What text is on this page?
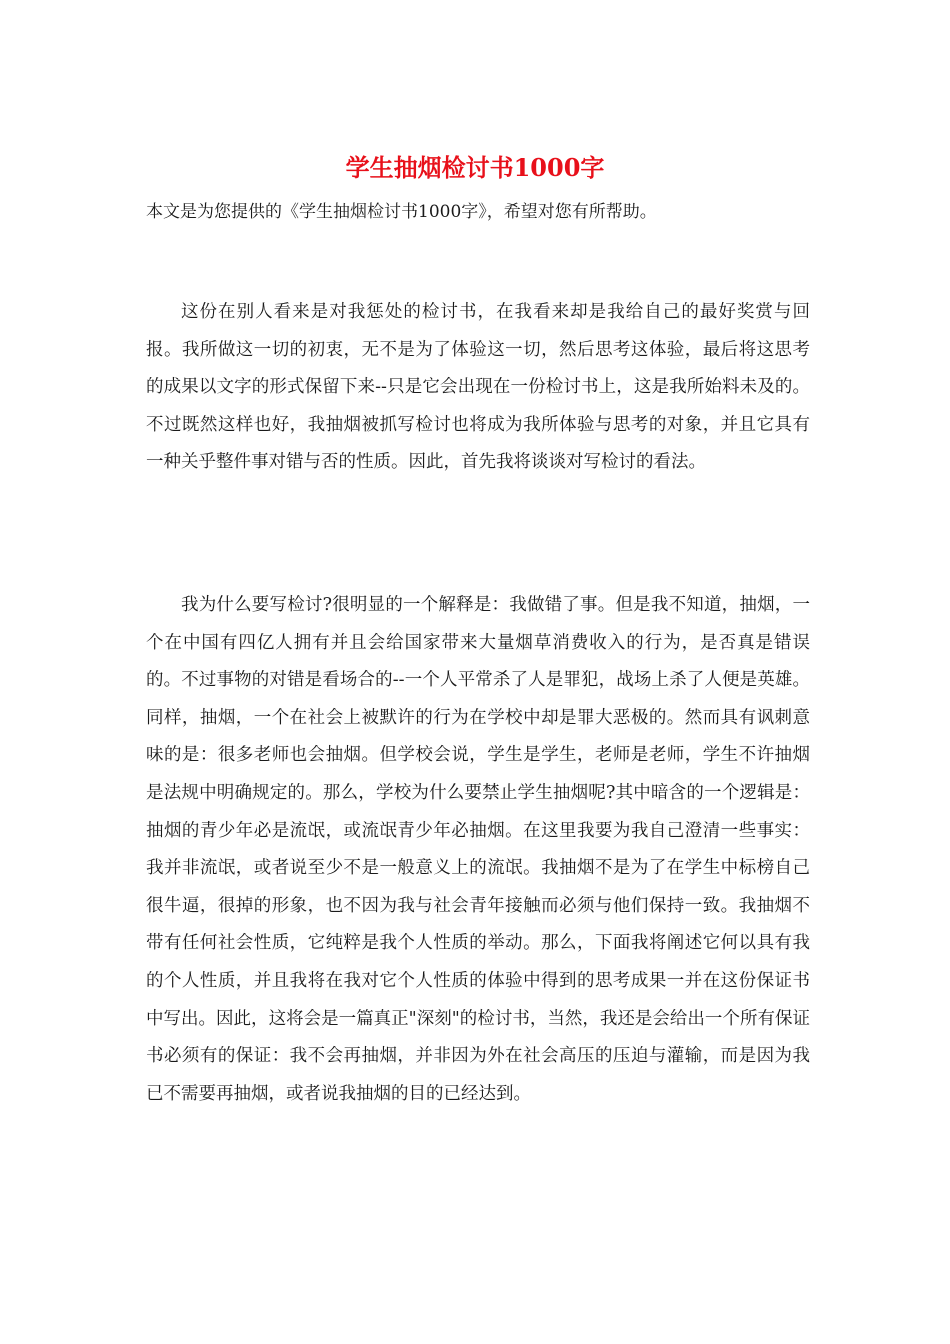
学生抽烟检讨书1000字

本文是为您提供的《学生抽烟检讨书1000字》，希望对您有所帮助。

这份在别人看来是对我惩处的检讨书，在我看来却是我给自己的最好奖赏与回报。我所做这一切的初衷，无不是为了体验这一切，然后思考这体验，最后将这思考的成果以文字的形式保留下来--只是它会出现在一份检讨书上，这是我所始料未及的。不过既然这样也好，我抽烟被抓写检讨也将成为我所体验与思考的对象，并且它具有一种关乎整件事对错与否的性质。因此，首先我将谈谈对写检讨的看法。

我为什么要写检讨?很明显的一个解释是：我做错了事。但是我不知道，抽烟，一个在中国有四亿人拥有并且会给国家带来大量烟草消费收入的行为，是否真是错误的。不过事物的对错是看场合的--一个人平常杀了人是罪犯，战场上杀了人便是英雄。同样，抽烟，一个在社会上被默许的行为在学校中却是罪大恶极的。然而具有讽刺意味的是：很多老师也会抽烟。但学校会说，学生是学生，老师是老师，学生不许抽烟是法规中明确规定的。那么，学校为什么要禁止学生抽烟呢?其中暗含的一个逻辑是：抽烟的青少年必是流氓，或流氓青少年必抽烟。在这里我要为我自己澄清一些事实：我并非流氓，或者说至少不是一般意义上的流氓。我抽烟不是为了在学生中标榜自己很牛逼，很掉的形象，也不因为我与社会青年接触而必须与他们保持一致。我抽烟不带有任何社会性质，它纯粹是我个人性质的举动。那么，下面我将阐述它何以具有我的个人性质，并且我将在我对它个人性质的体验中得到的思考成果一并在这份保证书中写出。因此，这将会是一篇真正"深刻"的检讨书，当然，我还是会给出一个所有保证书必须有的保证：我不会再抽烟，并非因为外在社会高压的压迫与灌输，而是因为我已不需要再抽烟，或者说我抽烟的目的已经达到。
